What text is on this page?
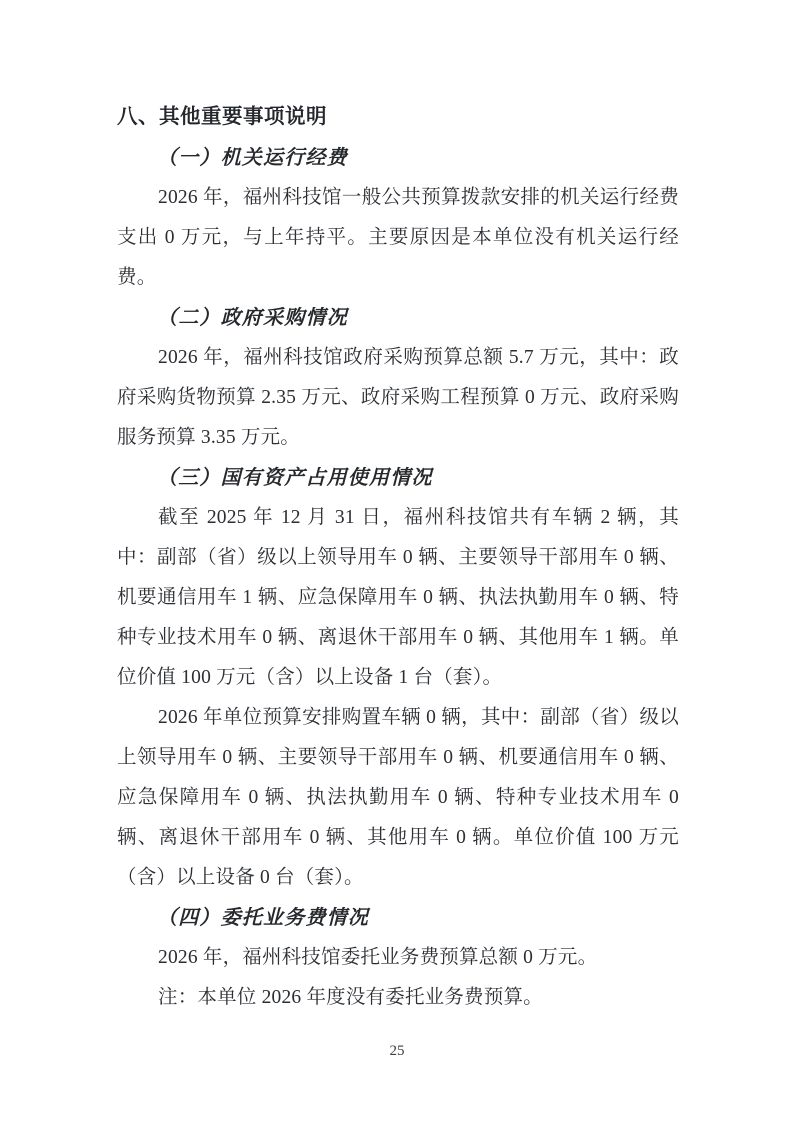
八、其他重要事项说明
（一）机关运行经费

2026 年，福州科技馆一般公共预算拨款安排的机关运行经费支出 0 万元，与上年持平。主要原因是本单位没有机关运行经费。

（二）政府采购情况

2026 年，福州科技馆政府采购预算总额 5.7 万元，其中：政府采购货物预算 2.35 万元、政府采购工程预算 0 万元、政府采购服务预算 3.35 万元。

（三）国有资产占用使用情况

截至 2025 年 12 月 31 日，福州科技馆共有车辆 2 辆，其中：副部（省）级以上领导用车 0 辆、主要领导干部用车 0 辆、机要通信用车 1 辆、应急保障用车 0 辆、执法执勤用车 0 辆、特种专业技术用车 0 辆、离退休干部用车 0 辆、其他用车 1 辆。单位价值 100 万元（含）以上设备 1 台（套）。

2026 年单位预算安排购置车辆 0 辆，其中：副部（省）级以上领导用车 0 辆、主要领导干部用车 0 辆、机要通信用车 0 辆、应急保障用车 0 辆、执法执勤用车 0 辆、特种专业技术用车 0 辆、离退休干部用车 0 辆、其他用车 0 辆。单位价值 100 万元（含）以上设备 0 台（套）。

（四）委托业务费情况

2026 年，福州科技馆委托业务费预算总额 0 万元。

注：本单位 2026 年度没有委托业务费预算。

25
